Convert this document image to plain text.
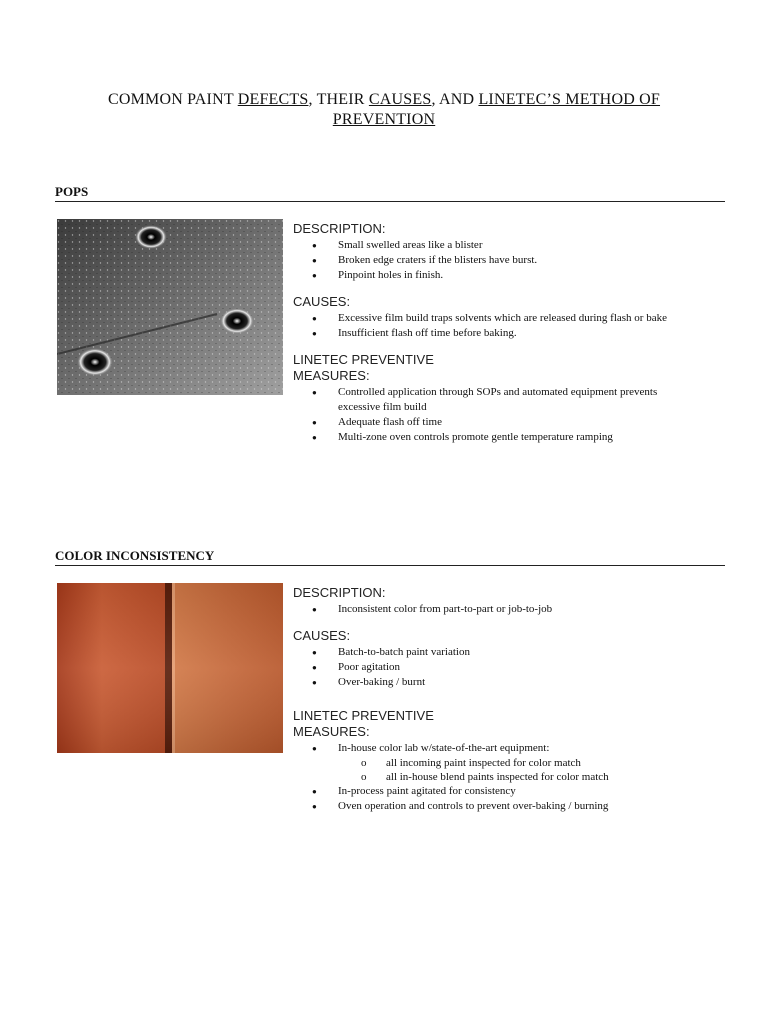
COMMON PAINT DEFECTS, THEIR CAUSES, AND LINETEC’S METHOD OF PREVENTION
POPS
DESCRIPTION:
● Small swelled areas like a blister
● Broken edge craters if the blisters have burst.
● Pinpoint holes in finish.
CAUSES:
● Excessive film build traps solvents which are released during flash or bake
● Insufficient flash off time before baking.
LINETEC PREVENTIVE
MEASURES:
● Controlled application through SOPs and automated equipment prevents excessive film build
● Adequate flash off time
● Multi-zone oven controls promote gentle temperature ramping
COLOR INCONSISTENCY
DESCRIPTION:
● Inconsistent color from part-to-part or job-to-job
CAUSES:
● Batch-to-batch paint variation
● Poor agitation
● Over-baking / burnt
LINETEC PREVENTIVE
MEASURES:
● In-house color lab w/state-of-the-art equipment:
o all incoming paint inspected for color match
o all in-house blend paints inspected for color match
● In-process paint agitated for consistency
● Oven operation and controls to prevent over-baking / burning
